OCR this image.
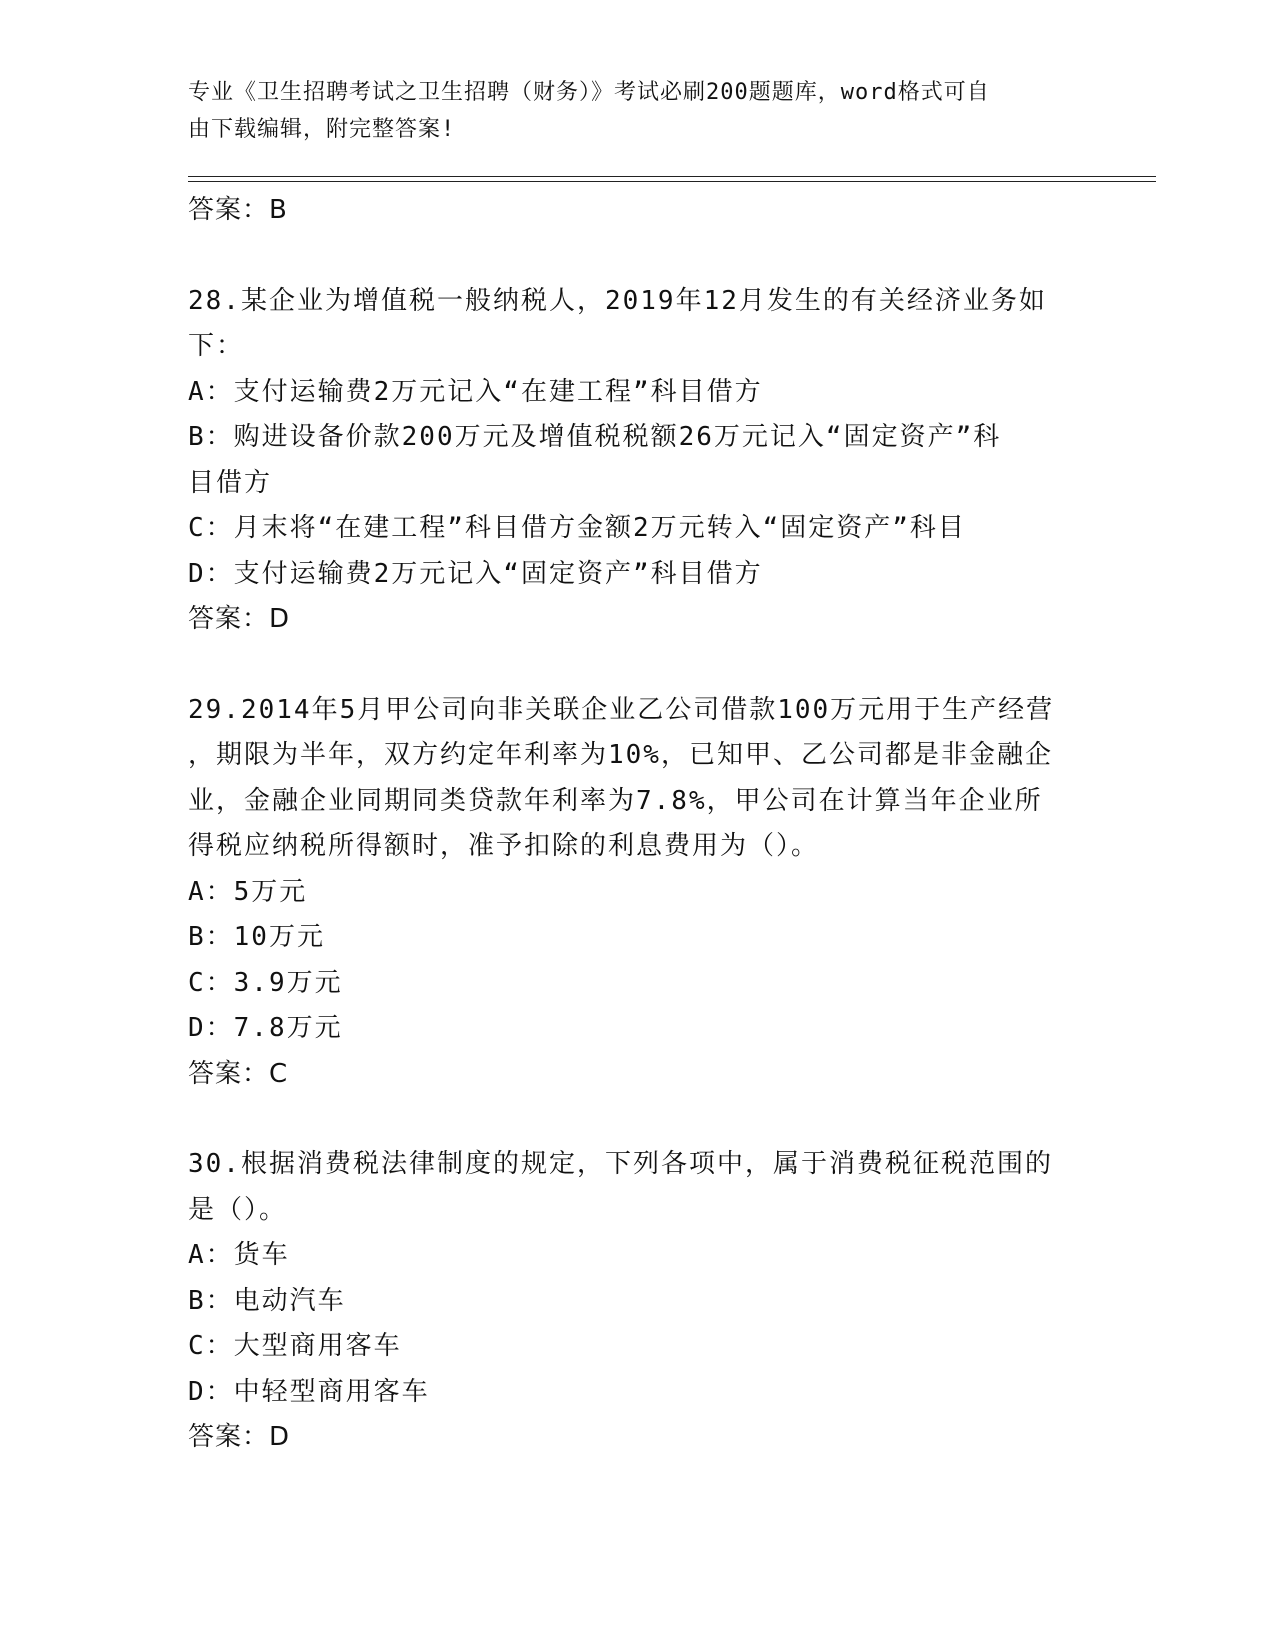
专业《卫生招聘考试之卫生招聘（财务）》考试必刷200题题库，word格式可自
由下载编辑，附完整答案!
答案：B
28.某企业为增值税一般纳税人，2019年12月发生的有关经济业务如
下：
A：支付运输费2万元记入“在建工程”科目借方
B：购进设备价款200万元及增值税税额26万元记入“固定资产”科
目借方
C：月末将“在建工程”科目借方金额2万元转入“固定资产”科目
D：支付运输费2万元记入“固定资产”科目借方
答案：D
29.2014年5月甲公司向非关联企业乙公司借款100万元用于生产经营
，期限为半年，双方约定年利率为10%，已知甲、乙公司都是非金融企
业，金融企业同期同类贷款年利率为7.8%，甲公司在计算当年企业所
得税应纳税所得额时，准予扣除的利息费用为（）。
A：5万元
B：10万元
C：3.9万元
D：7.8万元
答案：C
30.根据消费税法律制度的规定，下列各项中，属于消费税征税范围的
是（）。
A：货车
B：电动汽车
C：大型商用客车
D：中轻型商用客车
答案：D
